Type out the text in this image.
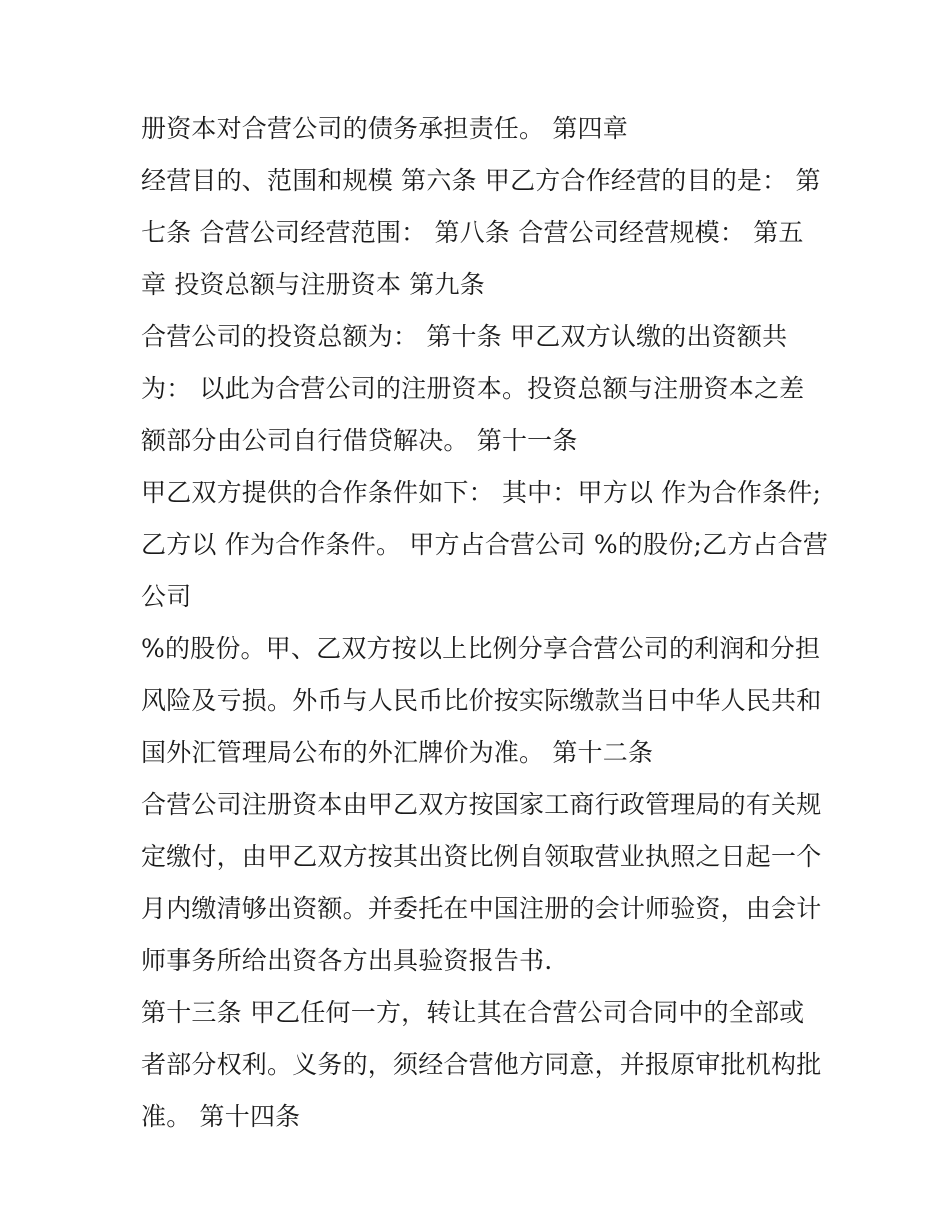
册资本对合营公司的债务承担责任。 第四章
经营目的、范围和规模 第六条 甲乙方合作经营的目的是： 第
七条 合营公司经营范围： 第八条 合营公司经营规模： 第五
章 投资总额与注册资本 第九条
合营公司的投资总额为： 第十条 甲乙双方认缴的出资额共
为： 以此为合营公司的注册资本。投资总额与注册资本之差
额部分由公司自行借贷解决。 第十一条
甲乙双方提供的合作条件如下： 其中：甲方以 作为合作条件;
乙方以 作为合作条件。 甲方占合营公司 %的股份;乙方占合营
公司
%的股份。甲、乙双方按以上比例分享合营公司的利润和分担
风险及亏损。外币与人民币比价按实际缴款当日中华人民共和
国外汇管理局公布的外汇牌价为准。 第十二条
合营公司注册资本由甲乙双方按国家工商行政管理局的有关规
定缴付，由甲乙双方按其出资比例自领取营业执照之日起一个
月内缴清够出资额。并委托在中国注册的会计师验资，由会计
师事务所给出资各方出具验资报告书.
第十三条 甲乙任何一方，转让其在合营公司合同中的全部或
者部分权利。义务的，须经合营他方同意，并报原审批机构批
准。 第十四条
